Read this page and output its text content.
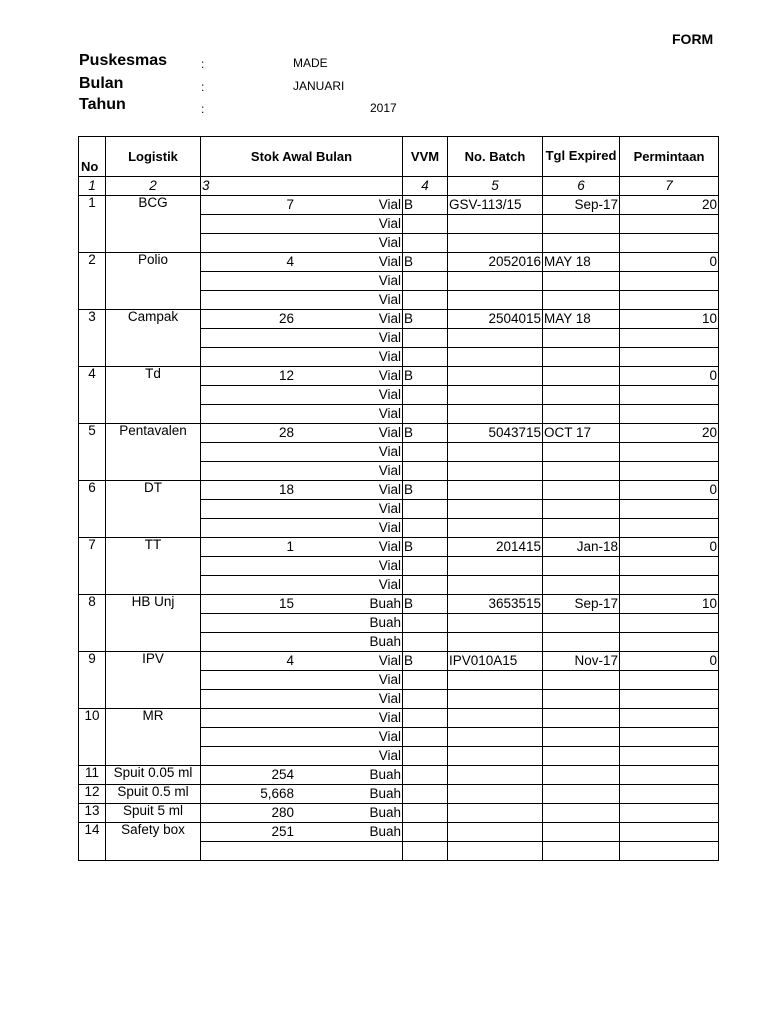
FORM
Puskesmas	:	MADE
Bulan	:	JANUARI
Tahun	:	2017
No	Logistik	Stok Awal Bulan	VVM	No. Batch	Tgl Expired	Permintaan
1	2	3	4	5	6	7
1	BCG	7 Vial	B	GSV-113/15	Sep-17	20
		Vial				
		Vial				
2	Polio	4 Vial	B	2052016	MAY 18	0
		Vial				
		Vial				
3	Campak	26 Vial	B	2504015	MAY 18	10
		Vial				
		Vial				
4	Td	12 Vial	B			0
		Vial				
		Vial				
5	Pentavalen	28 Vial	B	5043715	OCT 17	20
		Vial				
		Vial				
6	DT	18 Vial	B			0
		Vial				
		Vial				
7	TT	1 Vial	B	201415	Jan-18	0
		Vial				
		Vial				
8	HB Unj	15 Buah	B	3653515	Sep-17	10
		Buah				
		Buah				
9	IPV	4 Vial	B	IPV010A15	Nov-17	0
		Vial				
		Vial				
10	MR	Vial				

		Vial				
		Vial				
11	Spuit 0.05 ml	254 Buah				

12	Spuit 0.5 ml	5,668 Buah				

13	Spuit 5 ml	280 Buah				

14	Safety box	251 Buah				
